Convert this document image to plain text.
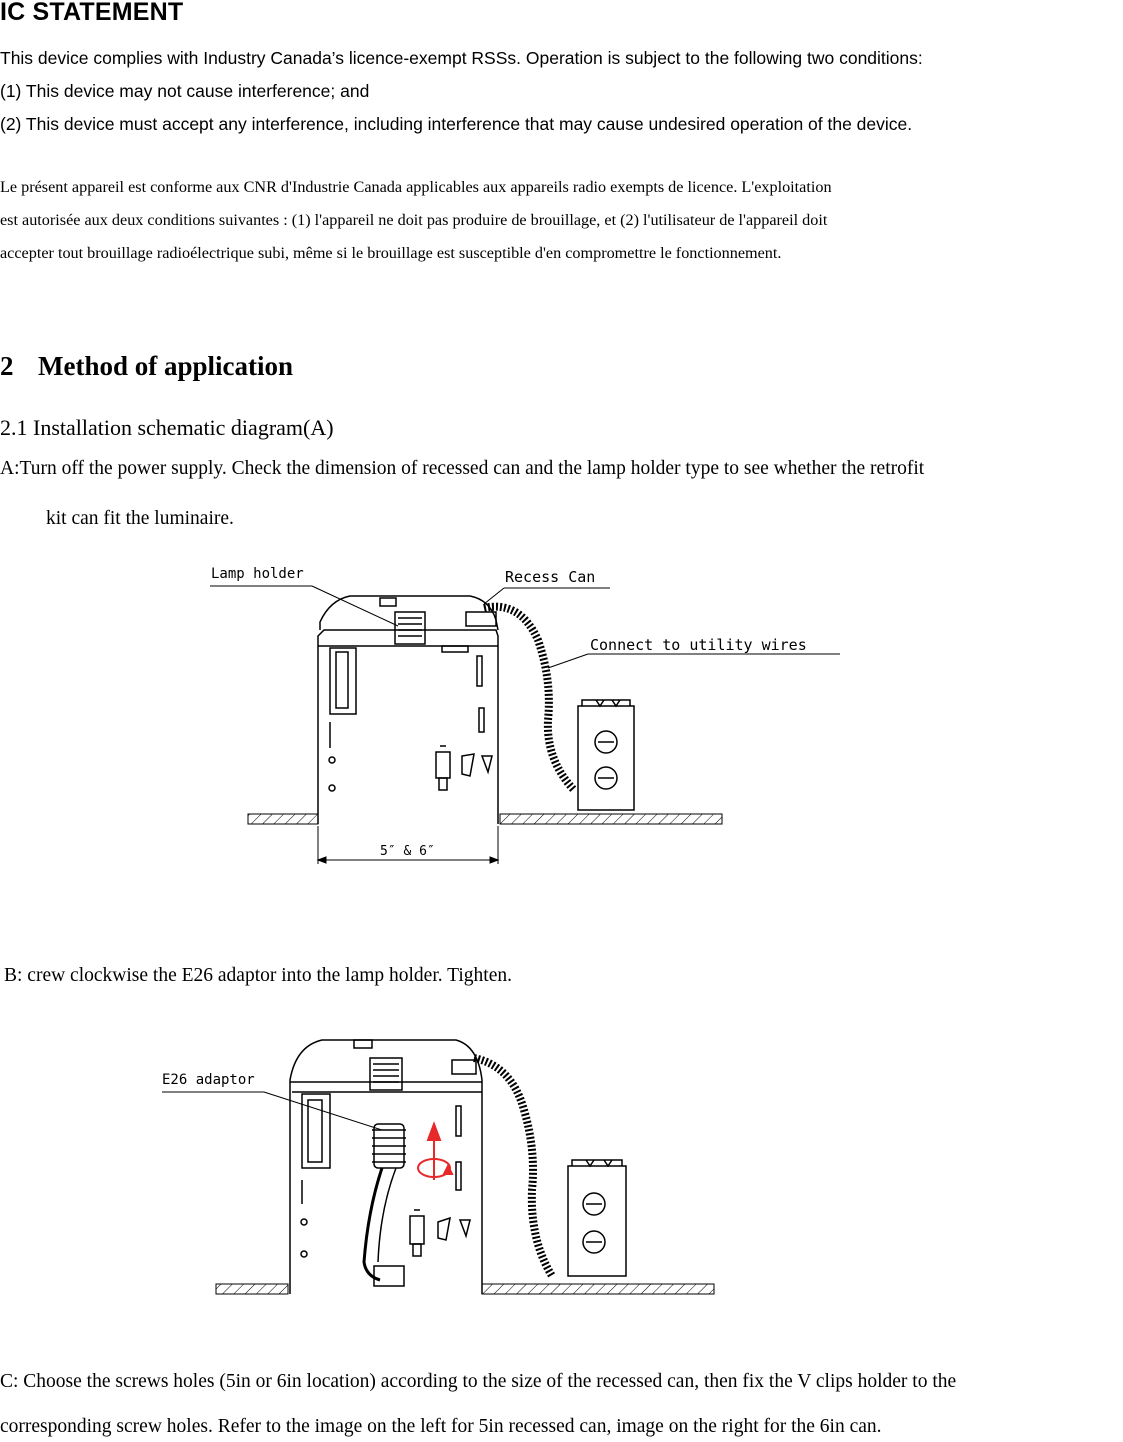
IC STATEMENT
This device complies with Industry Canada’s licence-exempt RSSs. Operation is subject to the following two conditions:
(1) This device may not cause interference; and
(2) This device must accept any interference, including interference that may cause undesired operation of the device.
Le présent appareil est conforme aux CNR d'Industrie Canada applicables aux appareils radio exempts de licence. L'exploitation
est autorisée aux deux conditions suivantes : (1) l'appareil ne doit pas produire de brouillage, et (2) l'utilisateur de l'appareil doit
accepter tout brouillage radioélectrique subi, même si le brouillage est susceptible d'en compromettre le fonctionnement.
2 Method of application
2.1 Installation schematic diagram(A)
A:Turn off the power supply. Check the dimension of recessed can and the lamp holder type to see whether the retrofit
kit can fit the luminaire.
Lamp holder	Recess Can
Connect to utility wires
5″ & 6″
B: crew clockwise the E26 adaptor into the lamp holder. Tighten.
E26 adaptor
C: Choose the screws holes (5in or 6in location) according to the size of the recessed can, then fix the V clips holder to the
corresponding screw holes. Refer to the image on the left for 5in recessed can, image on the right for the 6in can.
